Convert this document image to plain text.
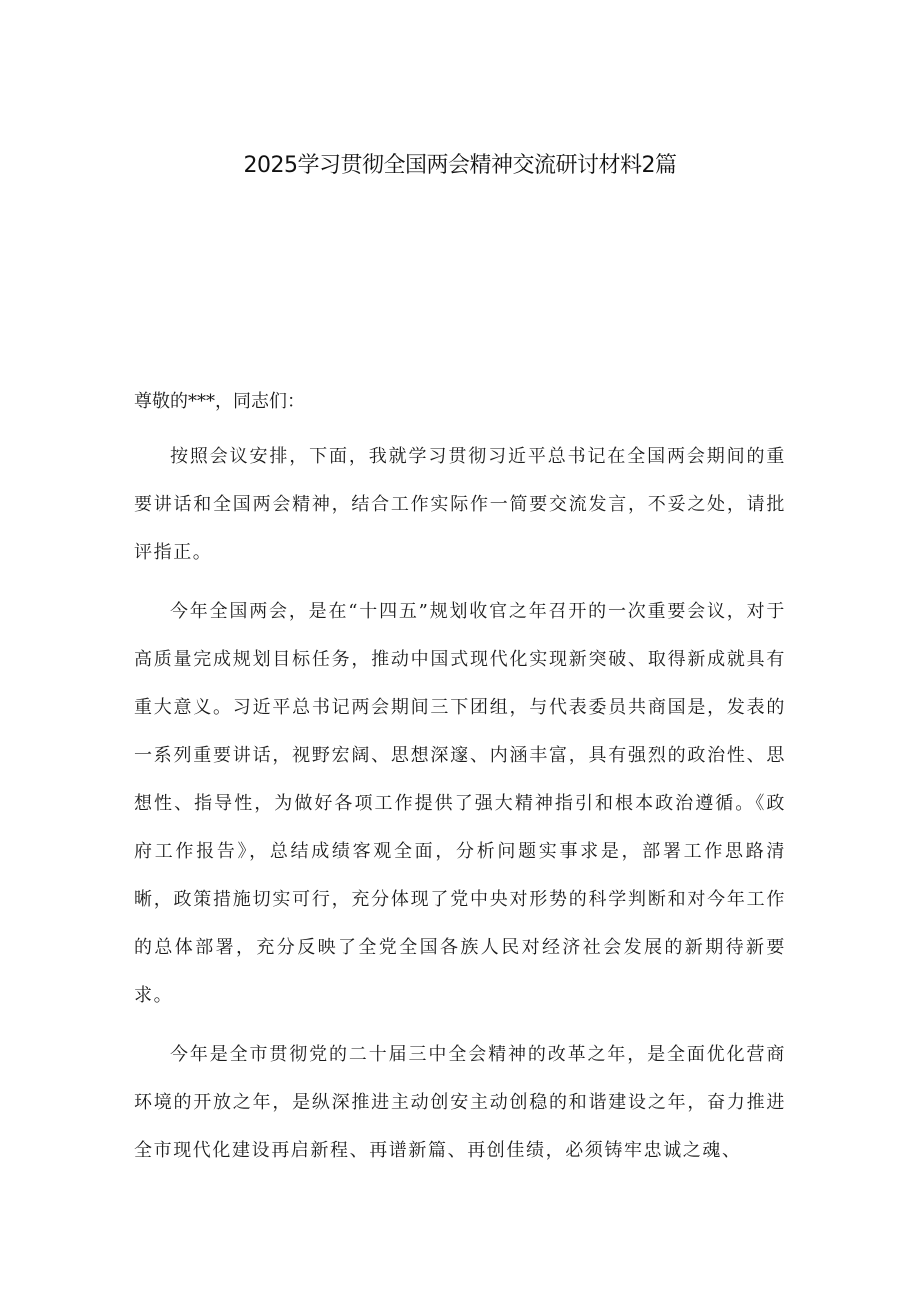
2025学习贯彻全国两会精神交流研讨材料2篇

尊敬的***，同志们：

按照会议安排，下面，我就学习贯彻习近平总书记在全国两会期间的重要讲话和全国两会精神，结合工作实际作一简要交流发言，不妥之处，请批评指正。

今年全国两会，是在“十四五”规划收官之年召开的一次重要会议，对于高质量完成规划目标任务，推动中国式现代化实现新突破、取得新成就具有重大意义。习近平总书记两会期间三下团组，与代表委员共商国是，发表的一系列重要讲话，视野宏阔、思想深邃、内涵丰富，具有强烈的政治性、思想性、指导性，为做好各项工作提供了强大精神指引和根本政治遵循。《政府工作报告》，总结成绩客观全面，分析问题实事求是，部署工作思路清晰，政策措施切实可行，充分体现了党中央对形势的科学判断和对今年工作的总体部署，充分反映了全党全国各族人民对经济社会发展的新期待新要求。

今年是全市贯彻党的二十届三中全会精神的改革之年，是全面优化营商环境的开放之年，是纵深推进主动创安主动创稳的和谐建设之年，奋力推进全市现代化建设再启新程、再谱新篇、再创佳绩，必须铸牢忠诚之魂、
